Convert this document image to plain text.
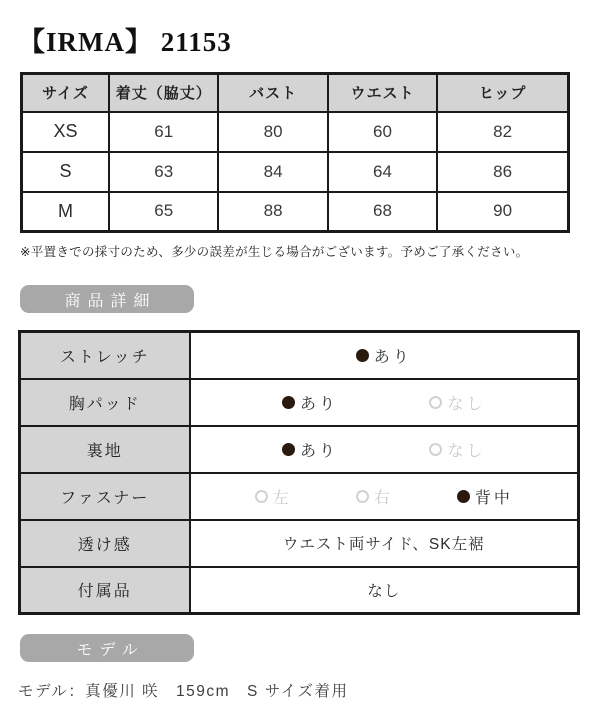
【IRMA】 21153
サイズ	着丈（脇丈）	バスト	ウエスト	ヒップ
XS	61	80	60	82
S	63	84	64	86
M	65	88	68	90

※平置きでの採寸のため、多少の誤差が生じる場合がございます。予めご了承ください。

商品詳細
ストレッチ	あり

胸パッド	あり なし

裏地	あり なし

ファスナー	左 右 背中

透け感	ウエスト両サイド、SK左裾

付属品	なし
モデル

モデル：真優川 咲　159cm　S サイズ着用
